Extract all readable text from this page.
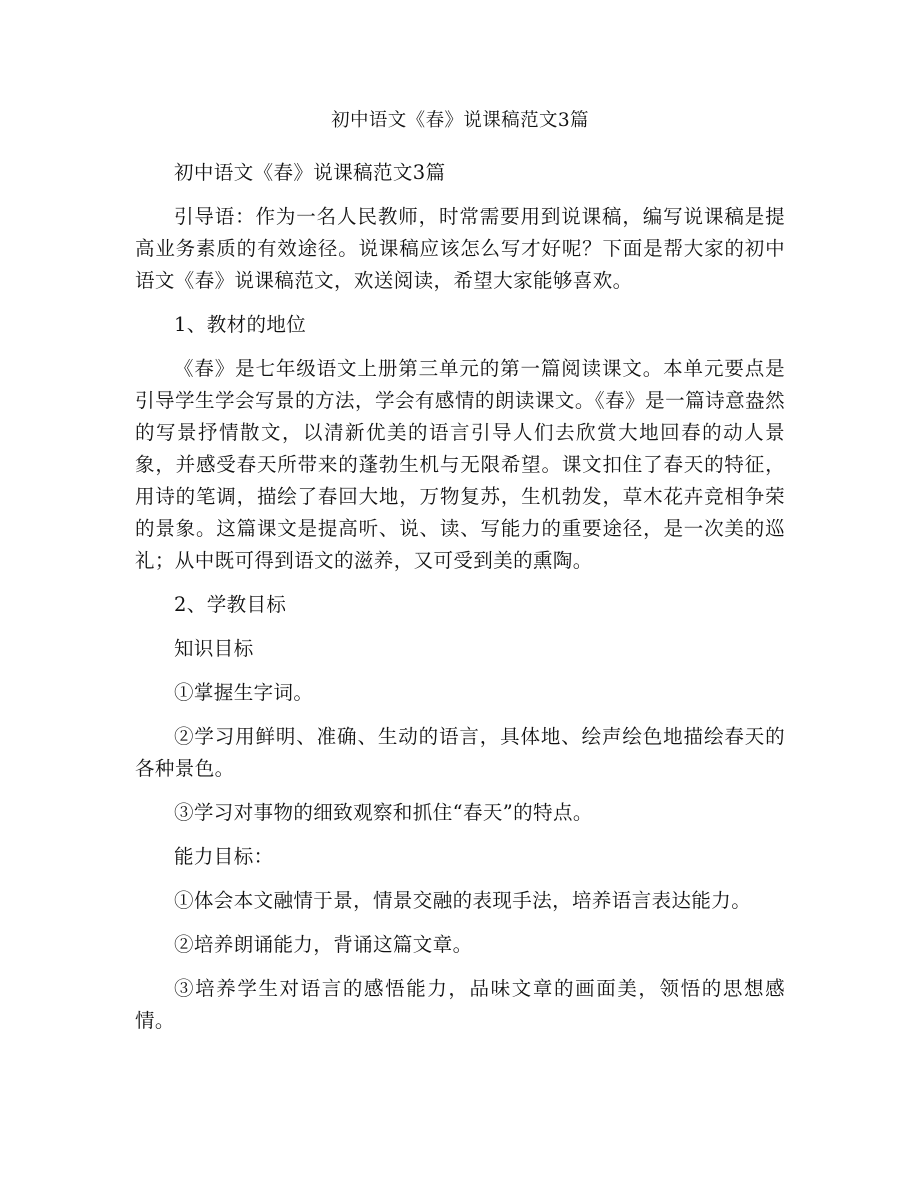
初中语文《春》说课稿范文3篇

初中语文《春》说课稿范文3篇

引导语：作为一名人民教师，时常需要用到说课稿，编写说课稿是提高业务素质的有效途径。说课稿应该怎么写才好呢？下面是帮大家的初中语文《春》说课稿范文，欢送阅读，希望大家能够喜欢。

1、教材的地位

《春》是七年级语文上册第三单元的第一篇阅读课文。本单元要点是引导学生学会写景的方法，学会有感情的朗读课文。《春》是一篇诗意盎然的写景抒情散文，以清新优美的语言引导人们去欣赏大地回春的动人景象，并感受春天所带来的蓬勃生机与无限希望。课文扣住了春天的特征，用诗的笔调，描绘了春回大地，万物复苏，生机勃发，草木花卉竞相争荣的景象。这篇课文是提高听、说、读、写能力的重要途径，是一次美的巡礼；从中既可得到语文的滋养，又可受到美的熏陶。

2、学教目标

知识目标

①掌握生字词。

②学习用鲜明、准确、生动的语言，具体地、绘声绘色地描绘春天的各种景色。

③学习对事物的细致观察和抓住“春天”的特点。

能力目标：

①体会本文融情于景，情景交融的表现手法，培养语言表达能力。

②培养朗诵能力，背诵这篇文章。

③培养学生对语言的感悟能力，品味文章的画面美，领悟的思想感情。
